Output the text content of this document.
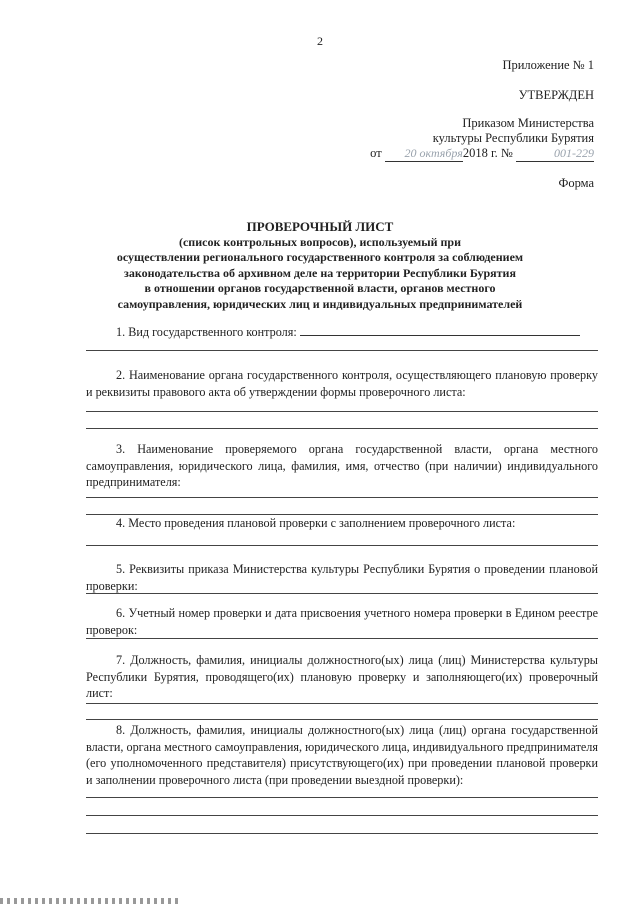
2
Приложение № 1
УТВЕРЖДЕН
Приказом Министерства
культуры Республики Бурятия
от 20 октября2018 г. №	001-229
Форма
ПРОВЕРОЧНЫЙ ЛИСТ
(список контрольных вопросов), используемый при
осуществлении регионального государственного контроля за соблюдением
законодательства об архивном деле на территории Республики Бурятия
в отношении органов государственной власти, органов местного
самоуправления, юридических лиц и индивидуальных предпринимателей

1. Вид государственного контроля:

2. Наименование органа государственного контроля, осуществляющего плановую проверку и реквизиты правового акта об утверждении формы проверочного листа:

3. Наименование проверяемого органа государственной власти, органа местного самоуправления, юридического лица, фамилия, имя, отчество (при наличии) индивидуального предпринимателя:

4. Место проведения плановой проверки с заполнением проверочного листа:

5. Реквизиты приказа Министерства культуры Республики Бурятия о проведении плановой проверки:

6. Учетный номер проверки и дата присвоения учетного номера проверки в Едином реестре проверок:

7. Должность, фамилия, инициалы должностного(ых) лица (лиц) Министерства культуры Республики Бурятия, проводящего(их) плановую проверку и заполняющего(их) проверочный лист:

8. Должность, фамилия, инициалы должностного(ых) лица (лиц) органа государственной власти, органа местного самоуправления, юридического лица, индивидуального предпринимателя (его уполномоченного представителя) присутствующего(их) при проведении плановой проверки и заполнении проверочного листа (при проведении выездной проверки):
